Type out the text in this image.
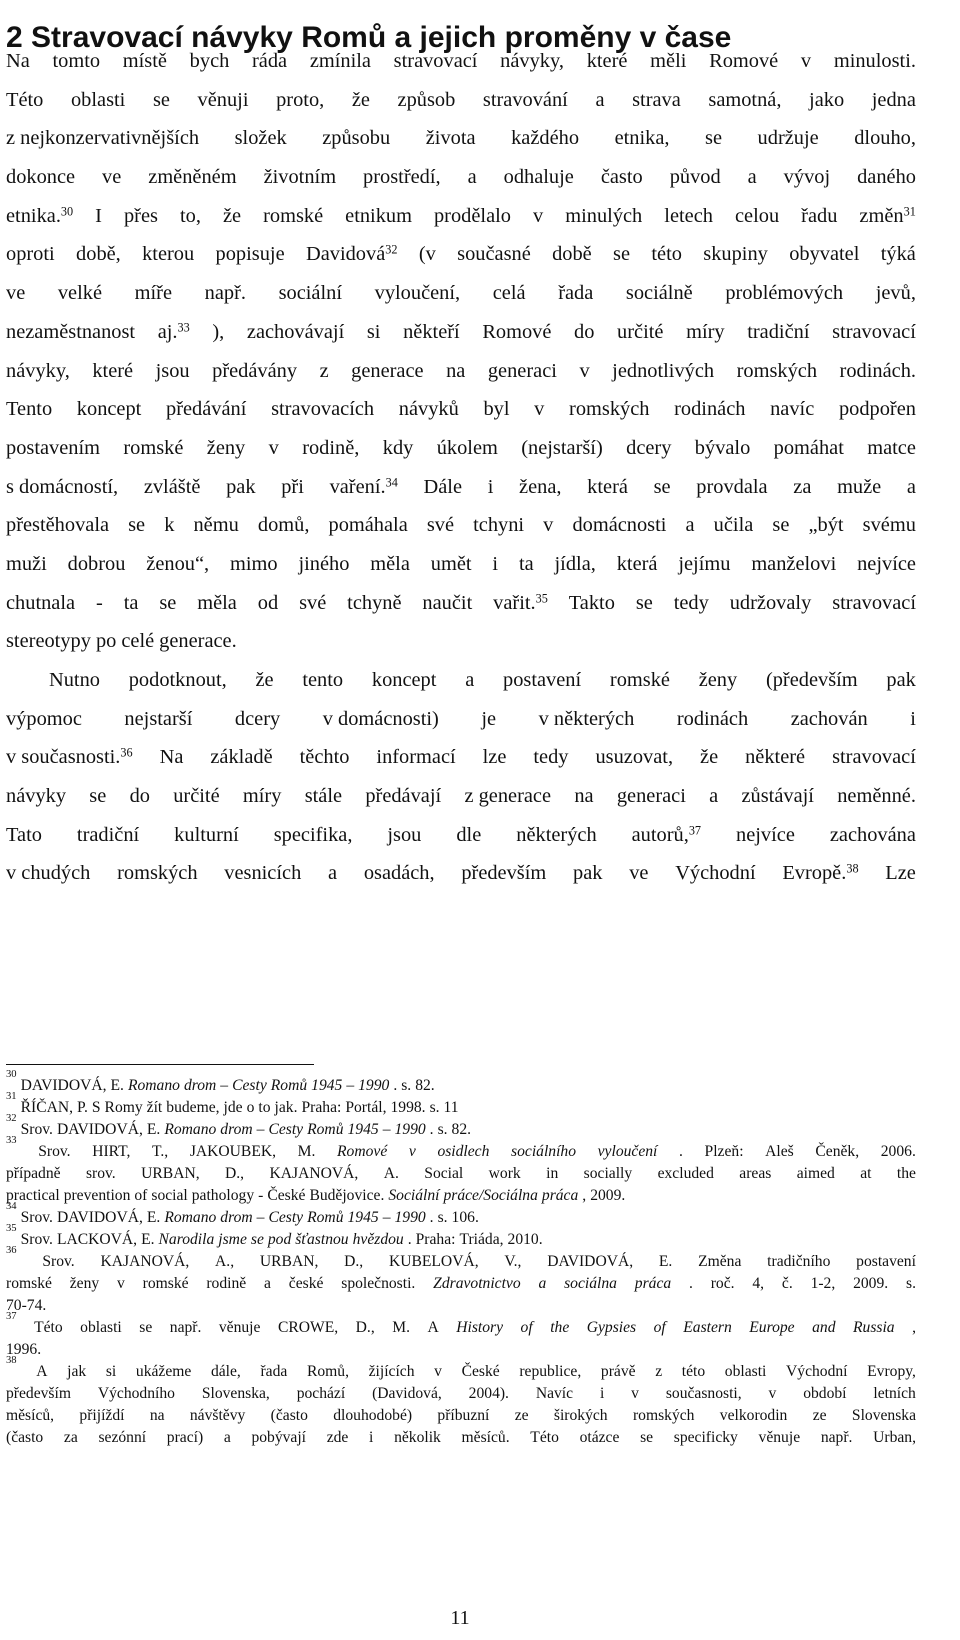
2 Stravovací návyky Romů a jejich proměny v čase
Na tomto místě bych ráda zmínila stravovací návyky, které měli Romové v minulosti.
Této oblasti se věnuji proto, že způsob stravování a strava samotná, jako jedna
z nejkonzervativnějších složek způsobu života každého etnika, se udržuje dlouho,
dokonce ve změněném životním prostředí, a odhaluje často původ a vývoj daného
etnika.$^{30}$ I přes to, že romské etnikum prodělalo v minulých letech celou řadu změn$^{31}$
oproti době, kterou popisuje Davidová$^{32}$ (v současné době se této skupiny obyvatel týká
ve velké míře např. sociální vyloučení, celá řada sociálně problémových jevů,
nezaměstnanost aj.$^{33}$ ), zachovávají si někteří Romové do určité míry tradiční stravovací
návyky, které jsou předávány z generace na generaci v jednotlivých romských rodinách.
Tento koncept předávání stravovacích návyků byl v romských rodinách navíc podpořen
postavením romské ženy v rodině, kdy úkolem (nejstarší) dcery bývalo pomáhat matce
s domácností, zvláště pak při vaření.$^{34}$ Dále i žena, která se provdala za muže a
přestěhovala se k němu domů, pomáhala své tchyni v domácnosti a učila se „být svému
muži dobrou ženou“, mimo jiného měla umět i ta jídla, která jejímu manželovi nejvíce
chutnala - ta se měla od své tchyně naučit vařit.$^{35}$ Takto se tedy udržovaly stravovací
stereotypy po celé generace.
Nutno podotknout, že tento koncept a postavení romské ženy (především pak
výpomoc nejstarší dcery v domácnosti) je v některých rodinách zachován i
v současnosti.$^{36}$ Na základě těchto informací lze tedy usuzovat, že některé stravovací
návyky se do určité míry stále předávají z generace na generaci a zůstávají neměnné.
Tato tradiční kulturní specifika, jsou dle některých autorů,$^{37}$ nejvíce zachována
v chudých romských vesnicích a osadách, především pak ve Východní Evropě.$^{38}$ Lze
30
DAVIDOVÁ, E. Romano drom – Cesty Romů 1945 – 1990 . s. 82.
31
ŘÍČAN, P. S Romy žít budeme, jde o to jak. Praha: Portál, 1998. s. 11
32
Srov. DAVIDOVÁ, E. Romano drom – Cesty Romů 1945 – 1990 . s. 82.
33
Srov. HIRT, T., JAKOUBEK, M. Romové v osidlech sociálního vyloučení . Plzeň: Aleš Čeněk, 2006.
případně srov. URBAN, D., KAJANOVÁ, A. Social work in socially excluded areas aimed at the
practical prevention of social pathology - České Budějovice. Sociální práce/Sociálna práca , 2009.
34
Srov. DAVIDOVÁ, E. Romano drom – Cesty Romů 1945 – 1990 . s. 106.
35
Srov. LACKOVÁ, E. Narodila jsme se pod šťastnou hvězdou . Praha: Triáda, 2010.
36
Srov. KAJANOVÁ, A., URBAN, D., KUBELOVÁ, V., DAVIDOVÁ, E. Změna tradičního postavení
romské ženy v romské rodině a české společnosti. Zdravotnictvo a sociálna práca . roč. 4, č. 1-2, 2009. s.
70-74.
37
Této oblasti se např. věnuje CROWE, D., M. A History of the Gypsies of Eastern Europe and Russia ,
1996.
38
A jak si ukážeme dále, řada Romů, žijících v České republice, právě z této oblasti Východní Evropy,
především Východního Slovenska, pochází (Davidová, 2004). Navíc i v současnosti, v období letních
měsíců, přijíždí na návštěvy (často dlouhodobé) příbuzní ze širokých romských velkorodin ze Slovenska
(často za sezónní prací) a pobývají zde i několik měsíců. Této otázce se specificky věnuje např. Urban,
11
